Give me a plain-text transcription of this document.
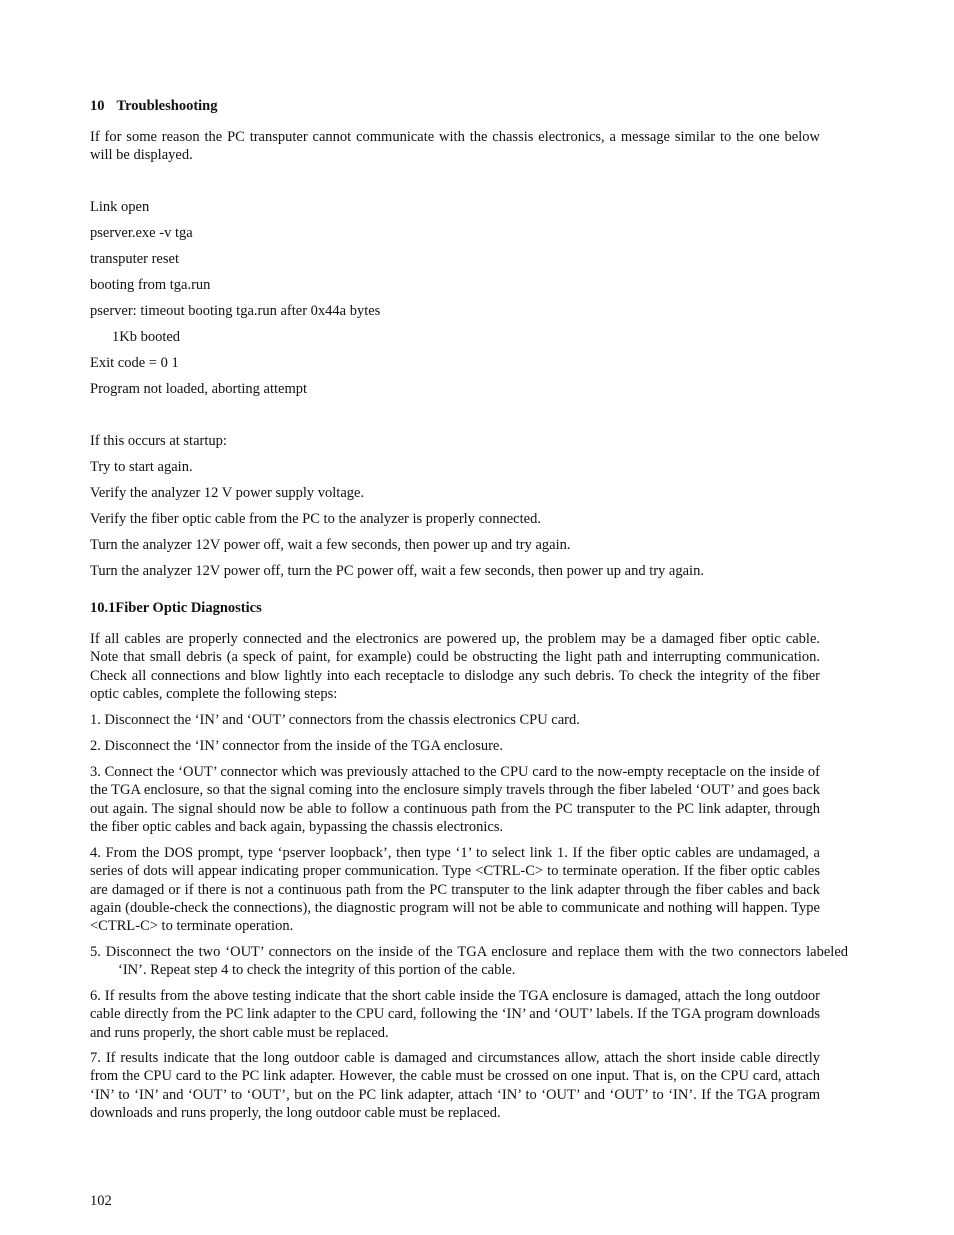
10 Troubleshooting

If for some reason the PC transputer cannot communicate with the chassis electronics, a message similar to the one below will be displayed.

Link open

pserver.exe -v tga

transputer reset

booting from tga.run

pserver: timeout booting tga.run after 0x44a bytes

1Kb booted

Exit code = 0 1

Program not loaded, aborting attempt

If this occurs at startup:

Try to start again.

Verify the analyzer 12 V power supply voltage.

Verify the fiber optic cable from the PC to the analyzer is properly connected.

Turn the analyzer 12V power off, wait a few seconds, then power up and try again.

Turn the analyzer 12V power off, turn the PC power off, wait a few seconds, then power up and try again.

10.1Fiber Optic Diagnostics

If all cables are properly connected and the electronics are powered up, the problem may be a damaged fiber optic cable. Note that small debris (a speck of paint, for example) could be obstructing the light path and interrupting communication. Check all connections and blow lightly into each receptacle to dislodge any such debris. To check the integrity of the fiber optic cables, complete the following steps:

1. Disconnect the ‘IN’ and ‘OUT’ connectors from the chassis electronics CPU card.

2. Disconnect the ‘IN’ connector from the inside of the TGA enclosure.

3. Connect the ‘OUT’ connector which was previously attached to the CPU card to the now-empty receptacle on the inside of the TGA enclosure, so that the signal coming into the enclosure simply travels through the fiber labeled ‘OUT’ and goes back out again. The signal should now be able to follow a continuous path from the PC transputer to the PC link adapter, through the fiber optic cables and back again, bypassing the chassis electronics.

4. From the DOS prompt, type ‘pserver loopback’, then type ‘1’ to select link 1. If the fiber optic cables are undamaged, a series of dots will appear indicating proper communication. Type <CTRL-C> to terminate operation. If the fiber optic cables are damaged or if there is not a continuous path from the PC transputer to the link adapter through the fiber cables and back again (double-check the connections), the diagnostic program will not be able to communicate and nothing will happen. Type <CTRL-C> to terminate operation.

5. Disconnect the two ‘OUT’ connectors on the inside of the TGA enclosure and replace them with the two connectors labeled ‘IN’. Repeat step 4 to check the integrity of this portion of the cable.

6. If results from the above testing indicate that the short cable inside the TGA enclosure is damaged, attach the long outdoor cable directly from the PC link adapter to the CPU card, following the ‘IN’ and ‘OUT’ labels. If the TGA program downloads and runs properly, the short cable must be replaced.

7. If results indicate that the long outdoor cable is damaged and circumstances allow, attach the short inside cable directly from the CPU card to the PC link adapter. However, the cable must be crossed on one input. That is, on the CPU card, attach ‘IN’ to ‘IN’ and ‘OUT’ to ‘OUT’, but on the PC link adapter, attach ‘IN’ to ‘OUT’ and ‘OUT’ to ‘IN’. If the TGA program downloads and runs properly, the long outdoor cable must be replaced.

102
